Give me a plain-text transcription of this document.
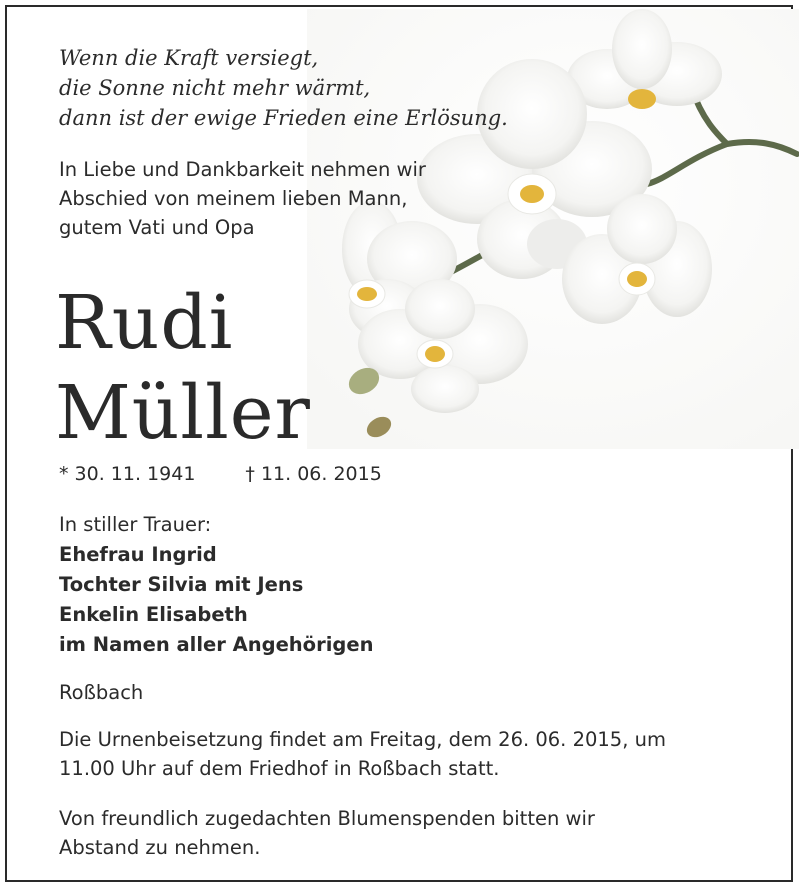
Wenn die Kraft versiegt,
die Sonne nicht mehr wärmt,
dann ist der ewige Frieden eine Erlösung.
In Liebe und Dankbarkeit nehmen wir
Abschied von meinem lieben Mann,
gutem Vati und Opa
Rudi
Müller
* 30. 11. 1941	† 11. 06. 2015
In stiller Trauer:
Ehefrau Ingrid
Tochter Silvia mit Jens
Enkelin Elisabeth
im Namen aller Angehörigen
Roßbach
Die Urnenbeisetzung findet am Freitag, dem 26. 06. 2015, um
11.00 Uhr auf dem Friedhof in Roßbach statt.
Von freundlich zugedachten Blumenspenden bitten wir
Abstand zu nehmen.
